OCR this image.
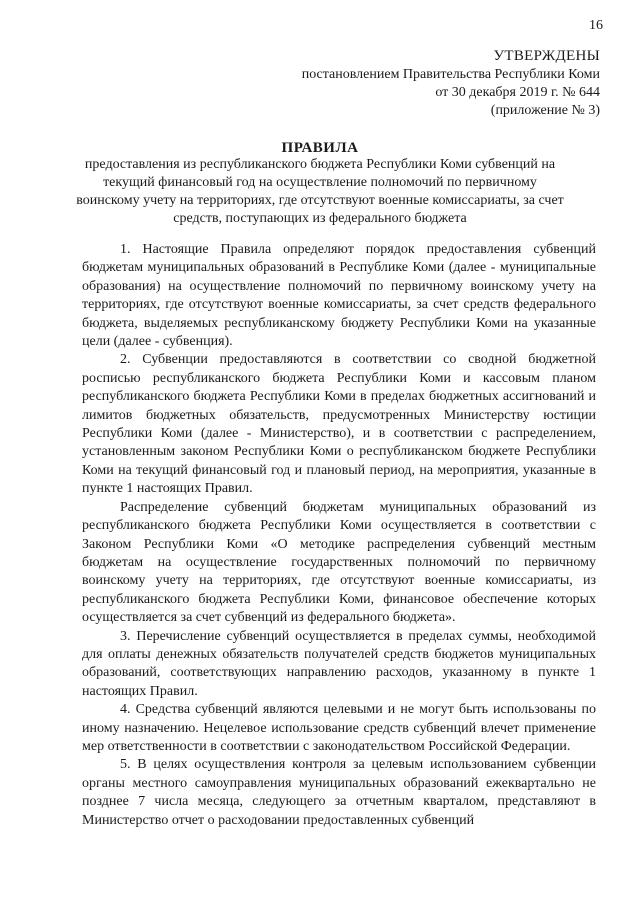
16
УТВЕРЖДЕНЫ
постановлением Правительства Республики Коми
от 30 декабря 2019 г. № 644
(приложение № 3)
ПРАВИЛА
предоставления из республиканского бюджета Республики Коми субвенций на текущий финансовый год на осуществление полномочий по первичному воинскому учету на территориях, где отсутствуют военные комиссариаты, за счет средств, поступающих из федерального бюджета

1. Настоящие Правила определяют порядок предоставления субвенций бюджетам муниципальных образований в Республике Коми (далее - муниципальные образования) на осуществление полномочий по первичному воинскому учету на территориях, где отсутствуют военные комиссариаты, за счет средств федерального бюджета, выделяемых республиканскому бюджету Республики Коми на указанные цели (далее - субвенция).

2. Субвенции предоставляются в соответствии со сводной бюджетной росписью республиканского бюджета Республики Коми и кассовым планом республиканского бюджета Республики Коми в пределах бюджетных ассигнований и лимитов бюджетных обязательств, предусмотренных Министерству юстиции Республики Коми (далее - Министерство), и в соответствии с распределением, установленным законом Республики Коми о республиканском бюджете Республики Коми на текущий финансовый год и плановый период, на мероприятия, указанные в пункте 1 настоящих Правил.

Распределение субвенций бюджетам муниципальных образований из республиканского бюджета Республики Коми осуществляется в соответствии с Законом Республики Коми «О методике распределения субвенций местным бюджетам на осуществление государственных полномочий по первичному воинскому учету на территориях, где отсутствуют военные комиссариаты, из республиканского бюджета Республики Коми, финансовое обеспечение которых осуществляется за счет субвенций из федерального бюджета».

3. Перечисление субвенций осуществляется в пределах суммы, необходимой для оплаты денежных обязательств получателей средств бюджетов муниципальных образований, соответствующих направлению расходов, указанному в пункте 1 настоящих Правил.

4. Средства субвенций являются целевыми и не могут быть использованы по иному назначению. Нецелевое использование средств субвенций влечет применение мер ответственности в соответствии с законодательством Российской Федерации.

5. В целях осуществления контроля за целевым использованием субвенции органы местного самоуправления муниципальных образований ежеквартально не позднее 7 числа месяца, следующего за отчетным кварталом, представляют в Министерство отчет о расходовании предоставленных субвенций
